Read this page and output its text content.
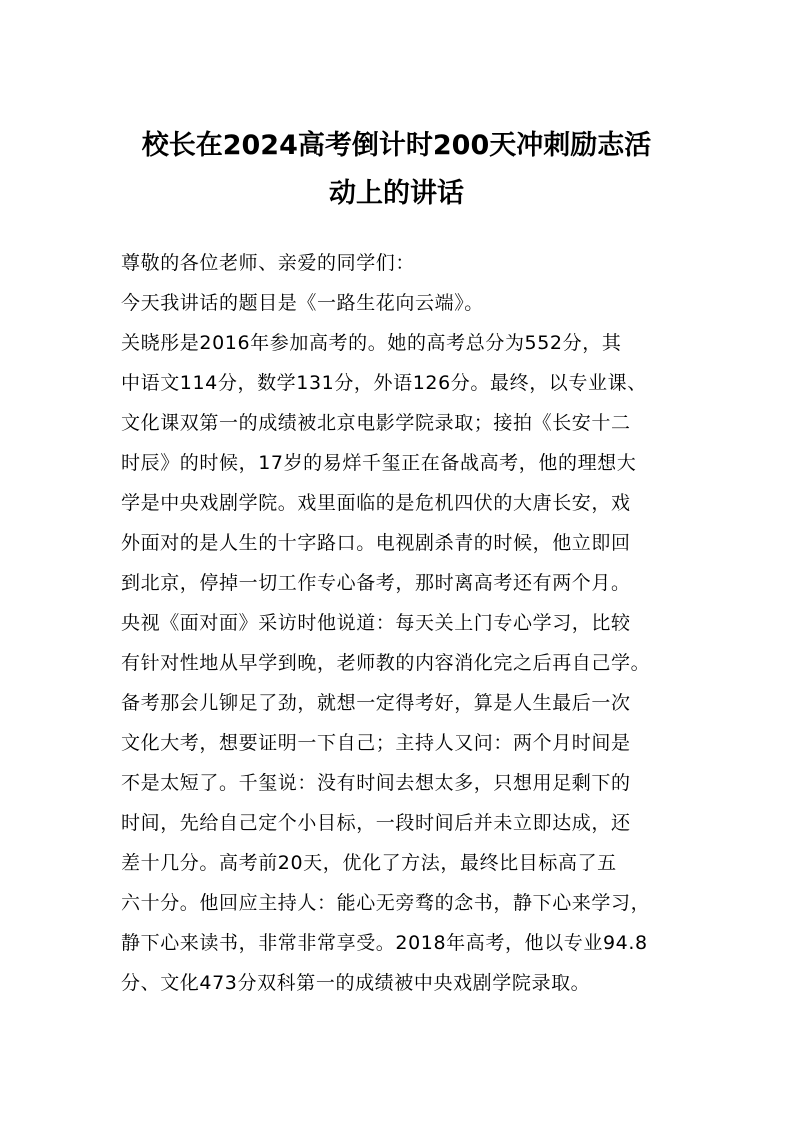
校长在2024高考倒计时200天冲刺励志活
动上的讲话
尊敬的各位老师、亲爱的同学们：
今天我讲话的题目是《一路生花向云端》。
关晓彤是2016年参加高考的。她的高考总分为552分，其
中语文114分，数学131分，外语126分。最终，以专业课、
文化课双第一的成绩被北京电影学院录取；接拍《长安十二
时辰》的时候，17岁的易烊千玺正在备战高考，他的理想大
学是中央戏剧学院。戏里面临的是危机四伏的大唐长安，戏
外面对的是人生的十字路口。电视剧杀青的时候，他立即回
到北京，停掉一切工作专心备考，那时离高考还有两个月。
央视《面对面》采访时他说道：每天关上门专心学习，比较
有针对性地从早学到晚，老师教的内容消化完之后再自己学。
备考那会儿铆足了劲，就想一定得考好，算是人生最后一次
文化大考，想要证明一下自己；主持人又问：两个月时间是
不是太短了。千玺说：没有时间去想太多，只想用足剩下的
时间，先给自己定个小目标，一段时间后并未立即达成，还
差十几分。高考前20天，优化了方法，最终比目标高了五
六十分。他回应主持人：能心无旁骛的念书，静下心来学习，
静下心来读书，非常非常享受。2018年高考，他以专业94.8
分、文化473分双科第一的成绩被中央戏剧学院录取。
